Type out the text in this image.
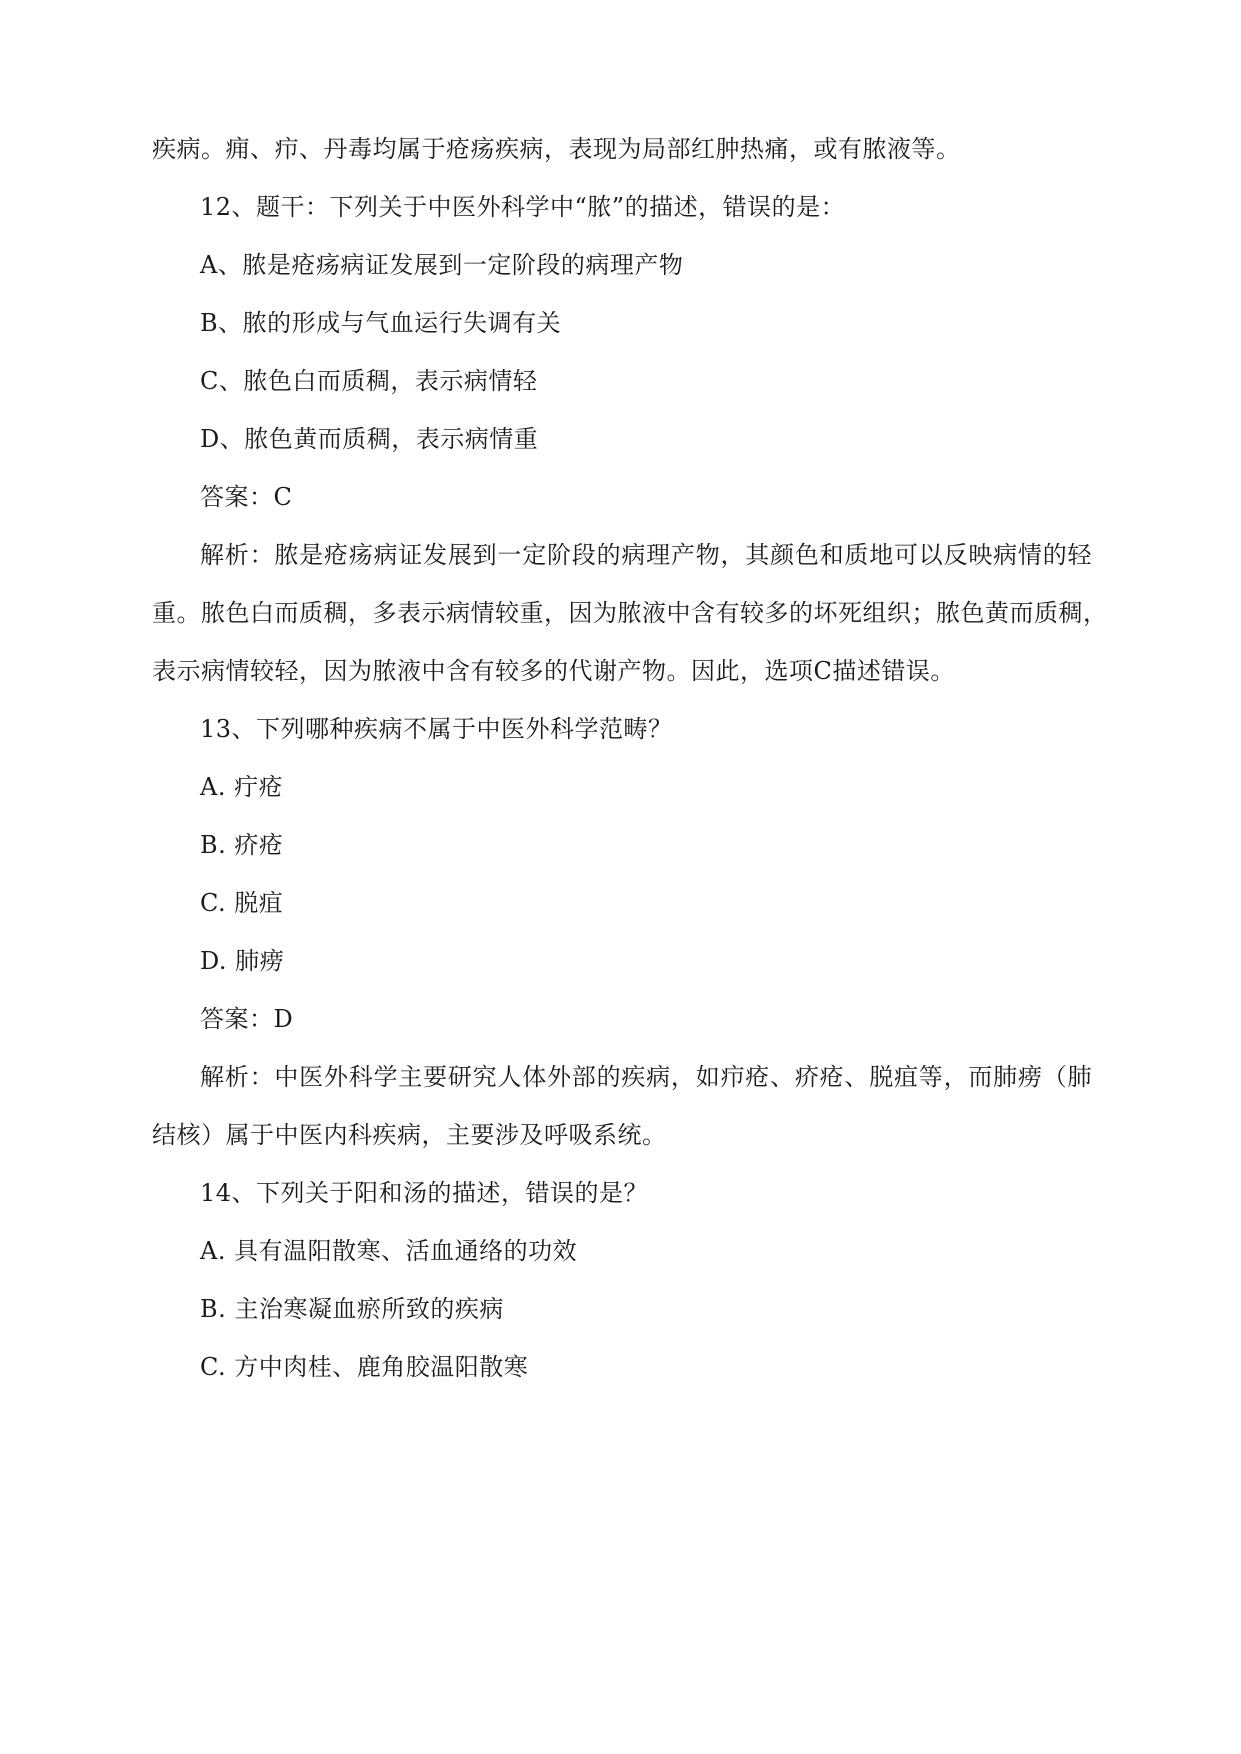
疾病。痈、疖、丹毒均属于疮疡疾病，表现为局部红肿热痛，或有脓液等。
12、题干：下列关于中医外科学中“脓”的描述，错误的是：
A、脓是疮疡病证发展到一定阶段的病理产物
B、脓的形成与气血运行失调有关
C、脓色白而质稠，表示病情轻
D、脓色黄而质稠，表示病情重
答案：C
解析：脓是疮疡病证发展到一定阶段的病理产物，其颜色和质地可以反映病情的轻
重。脓色白而质稠，多表示病情较重，因为脓液中含有较多的坏死组织；脓色黄而质稠，
表示病情较轻，因为脓液中含有较多的代谢产物。因此，选项C描述错误。
13、下列哪种疾病不属于中医外科学范畴？
A. 疔疮
B. 疥疮
C. 脱疽
D. 肺痨
答案：D
解析：中医外科学主要研究人体外部的疾病，如疖疮、疥疮、脱疽等，而肺痨（肺
结核）属于中医内科疾病，主要涉及呼吸系统。
14、下列关于阳和汤的描述，错误的是？
A. 具有温阳散寒、活血通络的功效
B. 主治寒凝血瘀所致的疾病
C. 方中肉桂、鹿角胶温阳散寒
